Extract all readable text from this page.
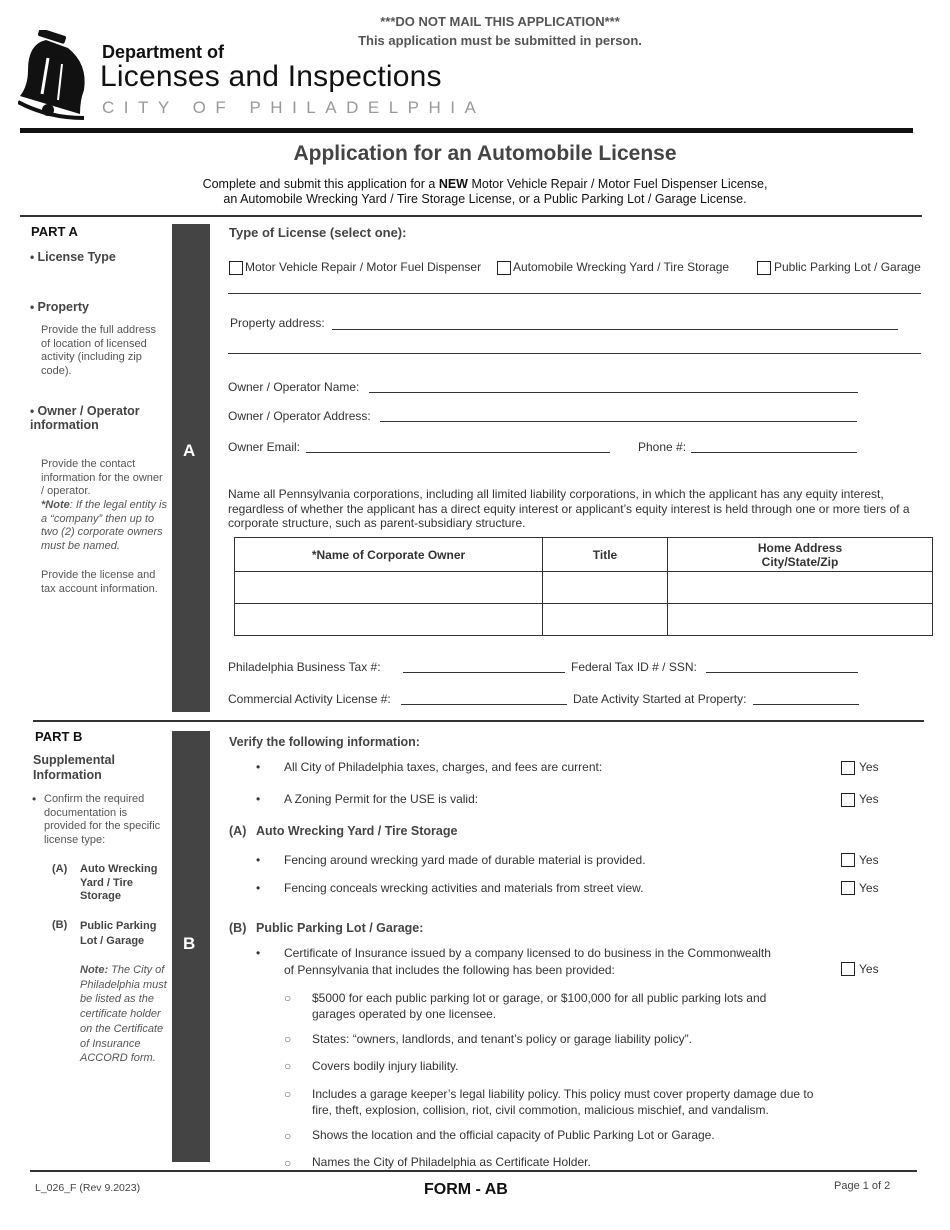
***DO NOT MAIL THIS APPLICATION***
This application must be submitted in person.
Department of
Licenses and Inspections
CITY OF PHILADELPHIA
Application for an Automobile License
Complete and submit this application for a NEW Motor Vehicle Repair / Motor Fuel Dispenser License,
an Automobile Wrecking Yard / Tire Storage License, or a Public Parking Lot / Garage License.
PART A
• License Type
• Property
Provide the full address of location of licensed activity (including zip code).
• Owner / Operator information
Provide the contact information for the owner / operator.
*Note: If the legal entity is a “company” then up to two (2) corporate owners must be named.
Provide the license and tax account information.
A
Type of License (select one):
Motor Vehicle Repair / Motor Fuel Dispenser	Automobile Wrecking Yard / Tire Storage	Public Parking Lot / Garage
Property address:
Owner / Operator Name:
Owner / Operator Address:
Owner Email:	Phone #:
Name all Pennsylvania corporations, including all limited liability corporations, in which the applicant has any equity interest, regardless of whether the applicant has a direct equity interest or applicant’s equity interest is held through one or more tiers of a corporate structure, such as parent-subsidiary structure.
*Name of Corporate Owner	Title	Home Address
City/State/Zip

Philadelphia Business Tax #:	Federal Tax ID # / SSN:
Commercial Activity License #:	Date Activity Started at Property:
PART B
Supplemental Information
• Confirm the required documentation is provided for the specific license type:
(A) Auto Wrecking Yard / Tire Storage
(B) Public Parking Lot / Garage
Note: The City of Philadelphia must be listed as the certificate holder on the Certificate of Insurance ACCORD form.
B
Verify the following information:
• All City of Philadelphia taxes, charges, and fees are current:	Yes
• A Zoning Permit for the USE is valid:	Yes
(A) Auto Wrecking Yard / Tire Storage
• Fencing around wrecking yard made of durable material is provided.	Yes
• Fencing conceals wrecking activities and materials from street view.	Yes
(B) Public Parking Lot / Garage:
• Certificate of Insurance issued by a company licensed to do business in the Commonwealth
of Pennsylvania that includes the following has been provided:	Yes
○ $5000 for each public parking lot or garage, or $100,000 for all public parking lots and garages operated by one licensee.
○ States: “owners, landlords, and tenant’s policy or garage liability policy”.
○ Covers bodily injury liability.
○ Includes a garage keeper’s legal liability policy. This policy must cover property damage due to fire, theft, explosion, collision, riot, civil commotion, malicious mischief, and vandalism.
○ Shows the location and the official capacity of Public Parking Lot or Garage.
○ Names the City of Philadelphia as Certificate Holder.
L_026_F (Rev 9.2023)	FORM - AB	Page 1 of 2
